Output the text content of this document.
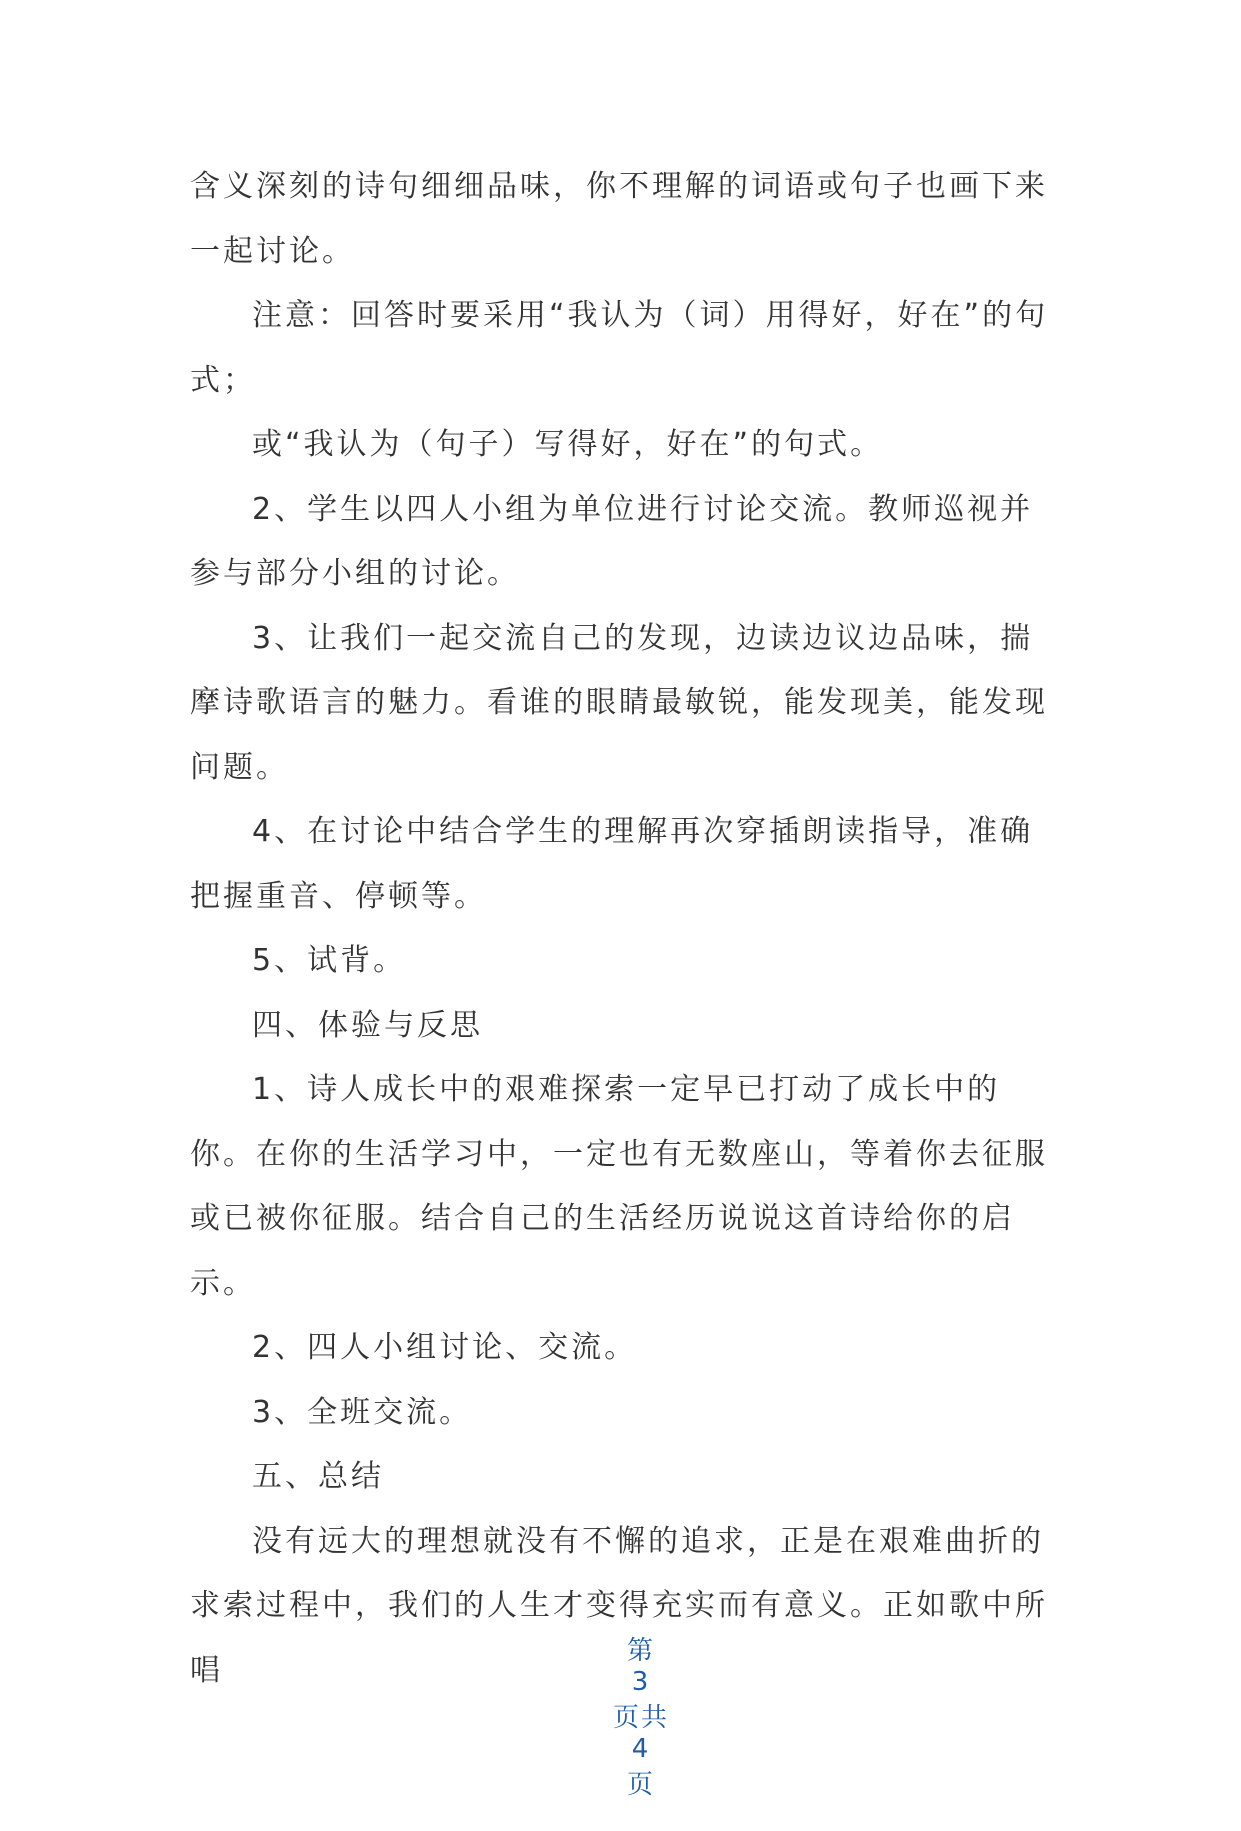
含义深刻的诗句细细品味，你不理解的词语或句子也画下来一起讨论。

注意：回答时要采用“我认为（词）用得好，好在”的句式；

或“我认为（句子）写得好，好在”的句式。

2、学生以四人小组为单位进行讨论交流。教师巡视并参与部分小组的讨论。

3、让我们一起交流自己的发现，边读边议边品味，揣摩诗歌语言的魅力。看谁的眼睛最敏锐，能发现美，能发现问题。

4、在讨论中结合学生的理解再次穿插朗读指导，准确把握重音、停顿等。

5、试背。

四、体验与反思

1、诗人成长中的艰难探索一定早已打动了成长中的你。在你的生活学习中，一定也有无数座山，等着你去征服或已被你征服。结合自己的生活经历说说这首诗给你的启示。

2、四人小组讨论、交流。

3、全班交流。

五、总结

没有远大的理想就没有不懈的追求，正是在艰难曲折的求索过程中，我们的人生才变得充实而有意义。正如歌中所唱

第
3
页共
4
页
